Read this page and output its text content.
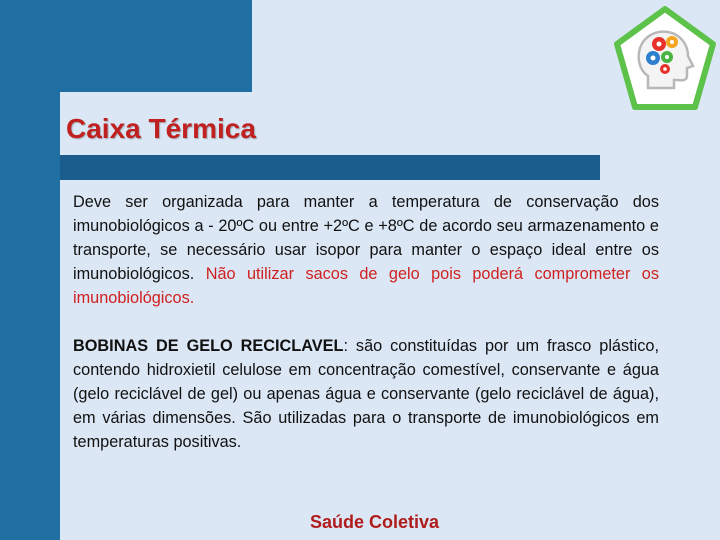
Caixa Térmica

Deve ser organizada para manter a temperatura de conservação dos imunobiológicos a - 20ºC ou entre +2ºC e +8ºC de acordo seu armazenamento e transporte, se necessário usar isopor para manter o espaço ideal entre os imunobiológicos. Não utilizar sacos de gelo pois poderá comprometer os imunobiológicos.

BOBINAS DE GELO RECICLAVEL: são constituídas por um frasco plástico, contendo hidroxietil celulose em concentração comestível, conservante e água (gelo reciclável de gel) ou apenas água e conservante (gelo reciclável de água), em várias dimensões. São utilizadas para o transporte de imunobiológicos em temperaturas positivas.

Saúde Coletiva
